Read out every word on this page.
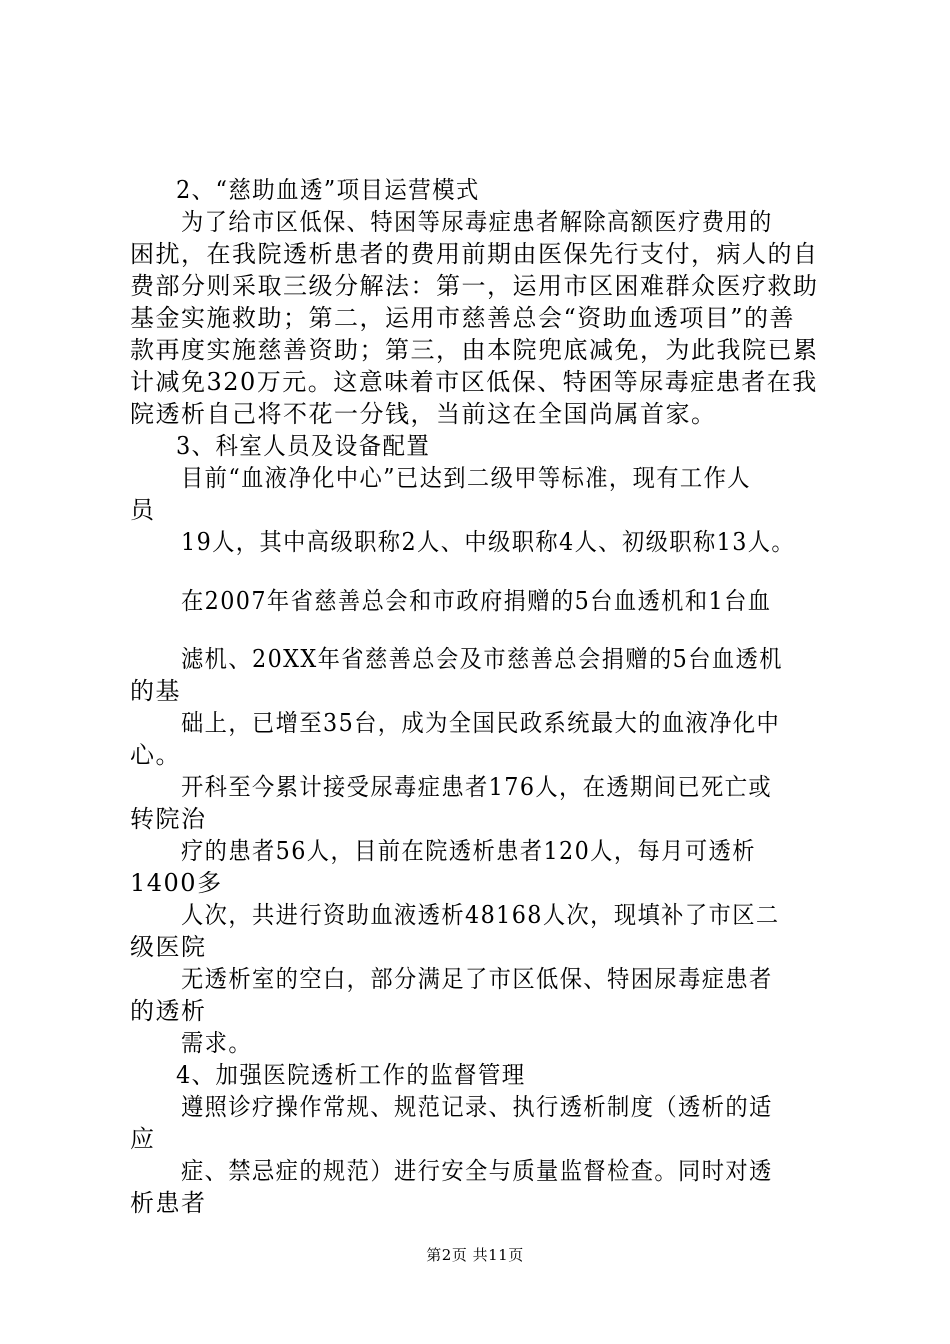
2、“慈助血透”项目运营模式
为了给市区低保、特困等尿毒症患者解除高额医疗费用的
困扰，在我院透析患者的费用前期由医保先行支付，病人的自
费部分则采取三级分解法：第一，运用市区困难群众医疗救助
基金实施救助；第二，运用市慈善总会“资助血透项目”的善
款再度实施慈善资助；第三，由本院兜底减免，为此我院已累
计减免320万元。这意味着市区低保、特困等尿毒症患者在我
院透析自己将不花一分钱，当前这在全国尚属首家。
3、科室人员及设备配置
目前“血液净化中心”已达到二级甲等标准，现有工作人
员
19人，其中高级职称2人、中级职称4人、初级职称13人。
在2007年省慈善总会和市政府捐赠的5台血透机和1台血
滤机、20XX年省慈善总会及市慈善总会捐赠的5台血透机
的基
础上，已增至35台，成为全国民政系统最大的血液净化中
心。
开科至今累计接受尿毒症患者176人，在透期间已死亡或
转院治
疗的患者56人，目前在院透析患者120人，每月可透析
1400多
人次，共进行资助血液透析48168人次，现填补了市区二
级医院
无透析室的空白，部分满足了市区低保、特困尿毒症患者
的透析
需求。
4、加强医院透析工作的监督管理
遵照诊疗操作常规、规范记录、执行透析制度（透析的适
应
症、禁忌症的规范）进行安全与质量监督检查。同时对透
析患者
第2页 共11页
